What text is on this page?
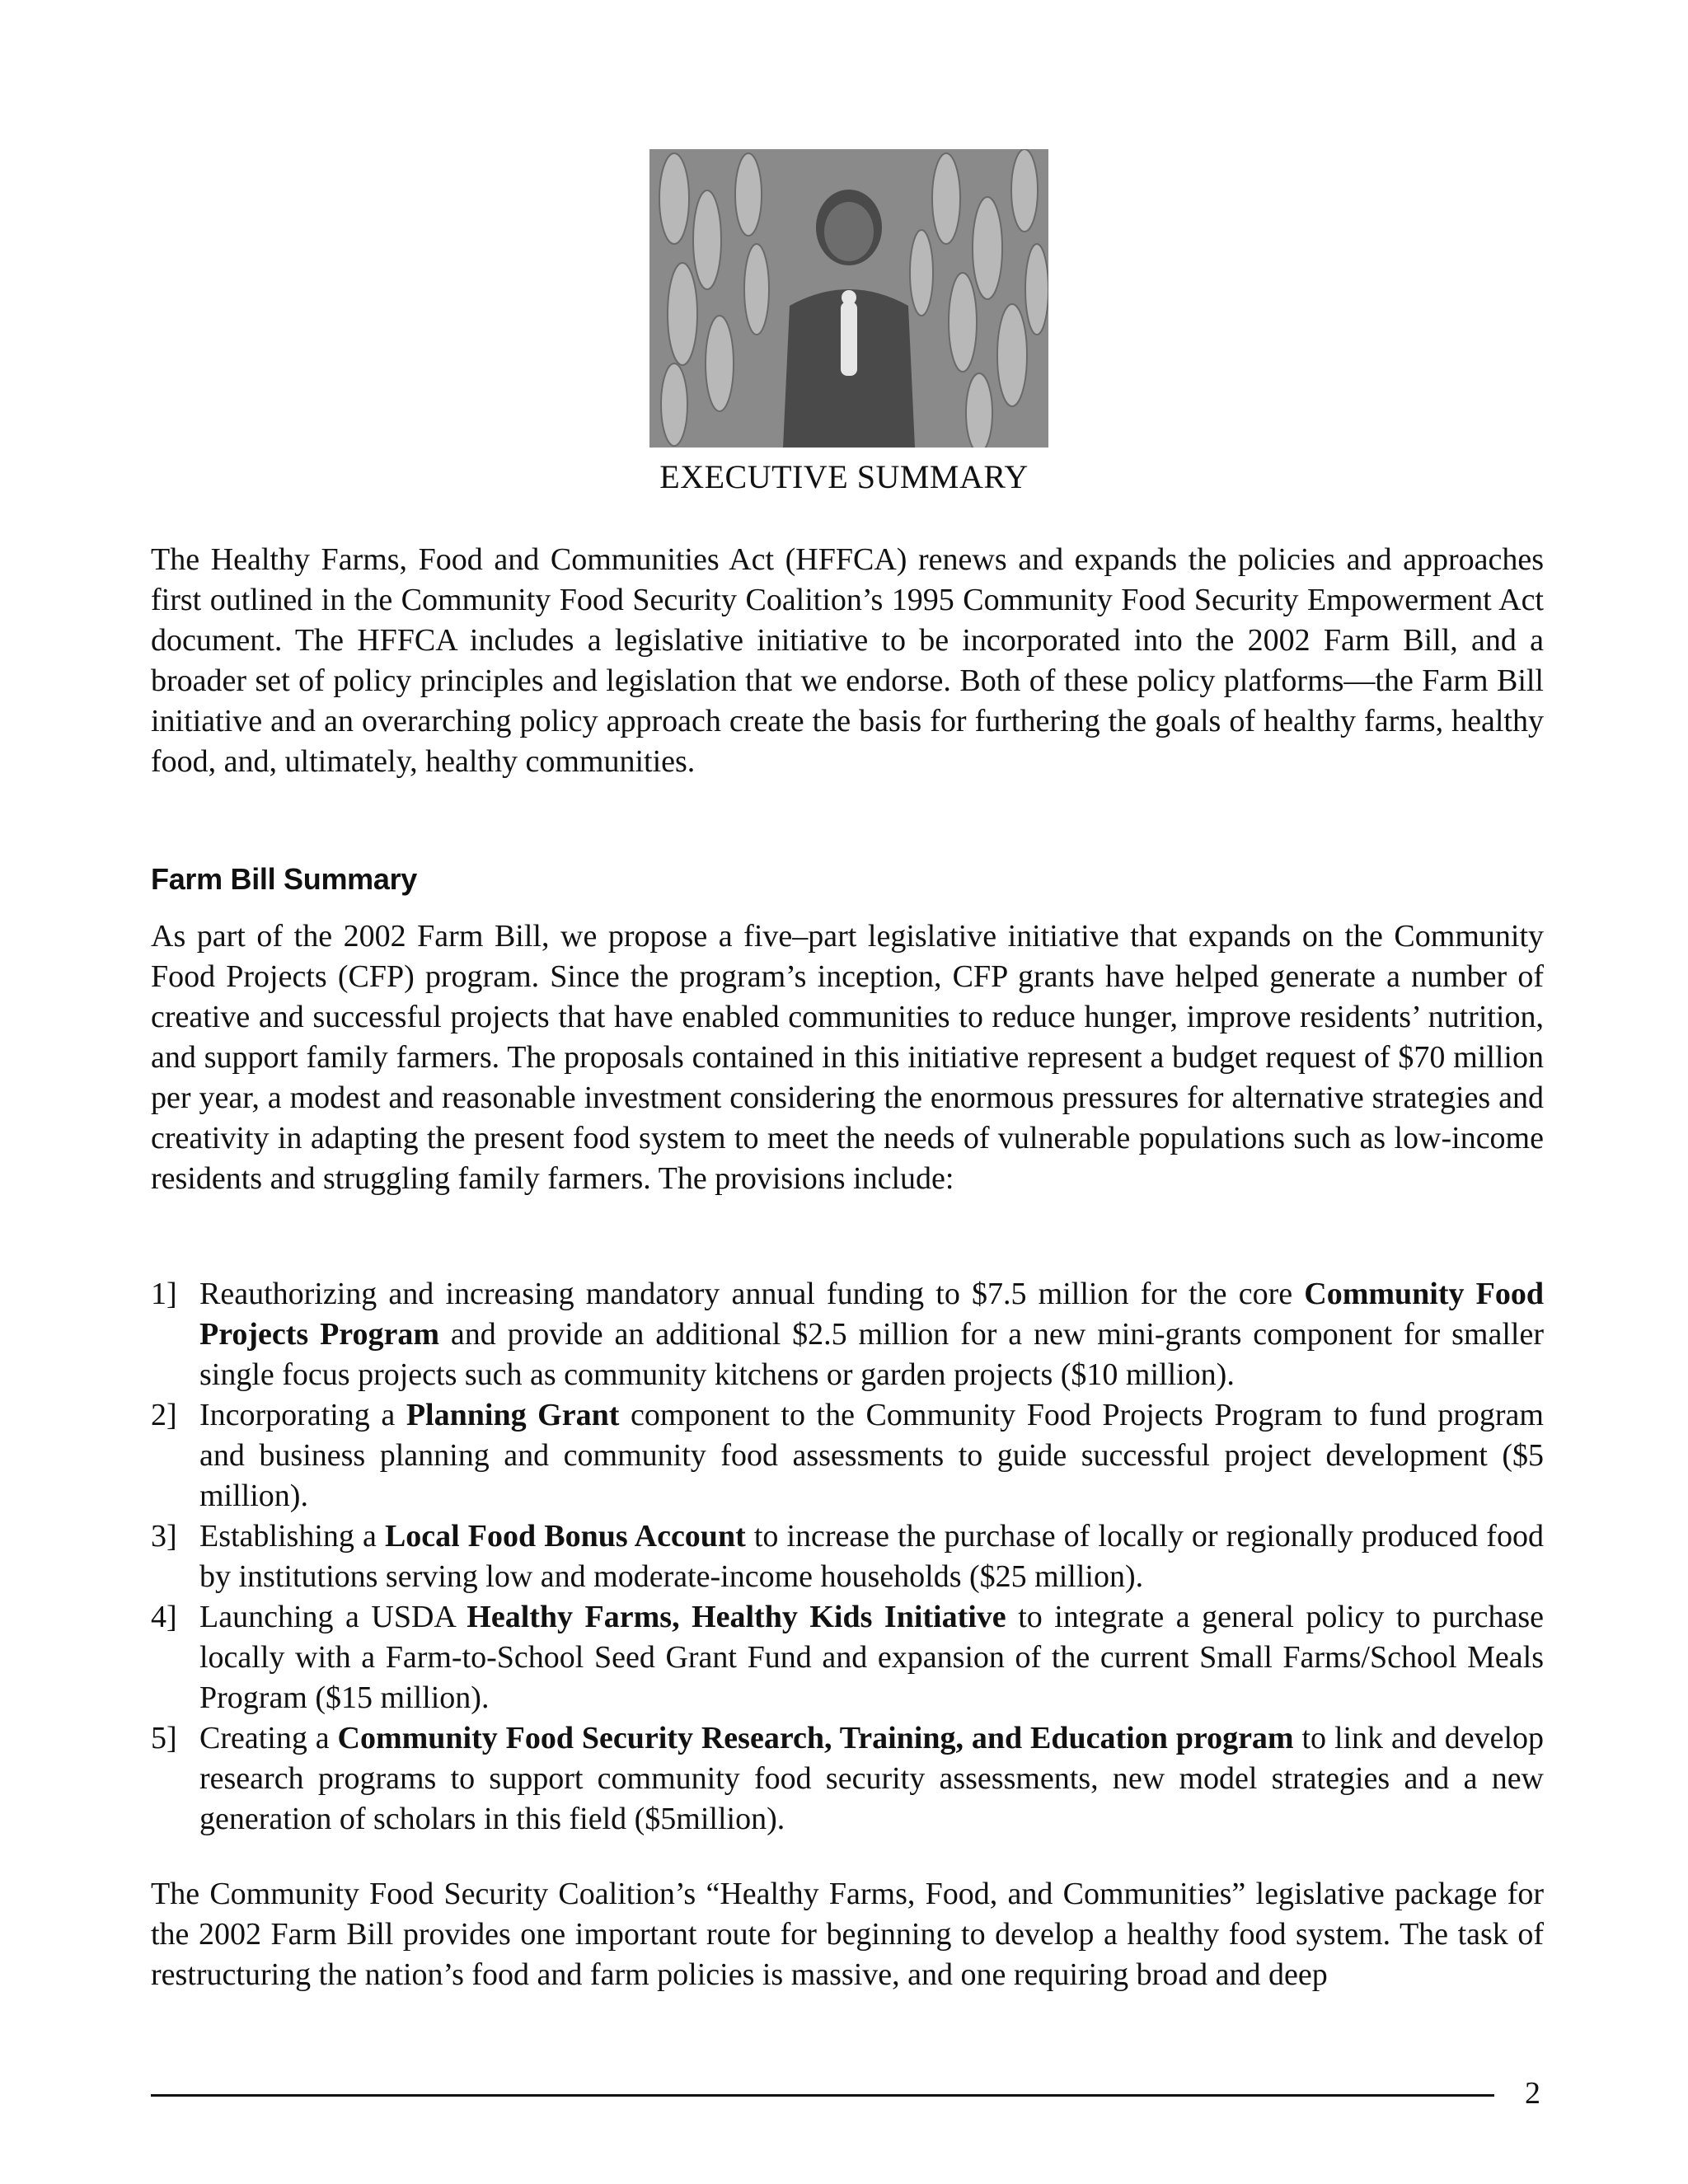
EXECUTIVE SUMMARY

The Healthy Farms, Food and Communities Act (HFFCA) renews and expands the policies and approaches first outlined in the Community Food Security Coalition’s 1995 Community Food Security Empowerment Act document. The HFFCA includes a legislative initiative to be incorporated into the 2002 Farm Bill, and a broader set of policy principles and legislation that we endorse. Both of these policy platforms—the Farm Bill initiative and an overarching policy approach create the basis for furthering the goals of healthy farms, healthy food, and, ultimately, healthy communities.

Farm Bill Summary

As part of the 2002 Farm Bill, we propose a five–part legislative initiative that expands on the Community Food Projects (CFP) program. Since the program’s inception, CFP grants have helped generate a number of creative and successful projects that have enabled communities to reduce hunger, improve residents’ nutrition, and support family farmers. The proposals contained in this initiative represent a budget request of $70 million per year, a modest and reasonable investment considering the enormous pressures for alternative strategies and creativity in adapting the present food system to meet the needs of vulnerable populations such as low-income residents and struggling family farmers. The provisions include:

1] Reauthorizing and increasing mandatory annual funding to $7.5 million for the core Community Food Projects Program and provide an additional $2.5 million for a new mini-grants component for smaller single focus projects such as community kitchens or garden projects ($10 million).
2] Incorporating a Planning Grant component to the Community Food Projects Program to fund program and business planning and community food assessments to guide successful project development ($5 million).
3] Establishing a Local Food Bonus Account to increase the purchase of locally or regionally produced food by institutions serving low and moderate-income households ($25 million).
4] Launching a USDA Healthy Farms, Healthy Kids Initiative to integrate a general policy to purchase locally with a Farm-to-School Seed Grant Fund and expansion of the current Small Farms/School Meals Program ($15 million).
5] Creating a Community Food Security Research, Training, and Education program to link and develop research programs to support community food security assessments, new model strategies and a new generation of scholars in this field ($5million).

The Community Food Security Coalition’s “Healthy Farms, Food, and Communities” legislative package for the 2002 Farm Bill provides one important route for beginning to develop a healthy food system. The task of restructuring the nation’s food and farm policies is massive, and one requiring broad and deep

2
